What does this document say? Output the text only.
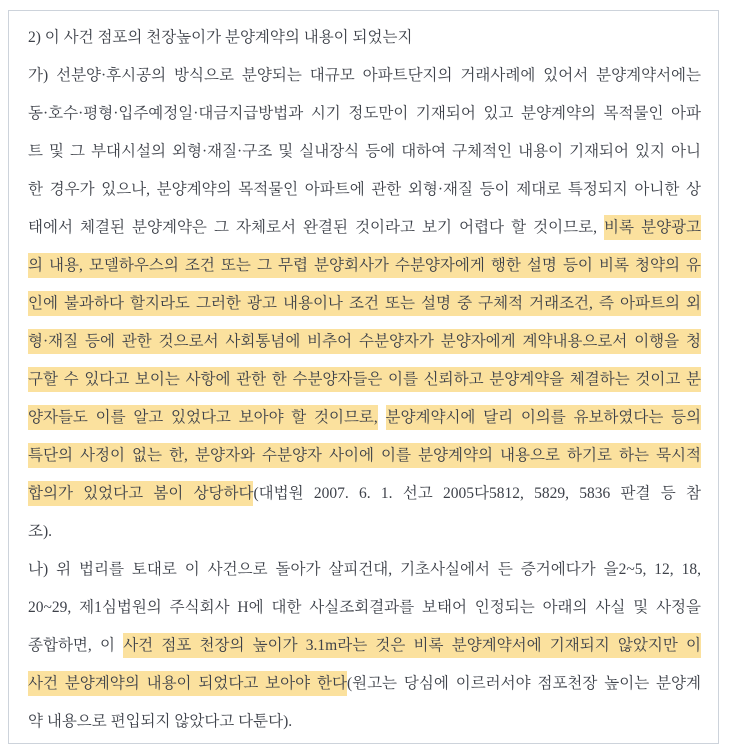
2) 이 사건 점포의 천장높이가 분양계약의 내용이 되었는지
가) 선분양·후시공의 방식으로 분양되는 대규모 아파트단지의 거래사례에 있어서 분양계약서에는
동·호수·평형·입주예정일·대금지급방법과 시기 정도만이 기재되어 있고 분양계약의 목적물인 아파
트 및 그 부대시설의 외형·재질·구조 및 실내장식 등에 대하여 구체적인 내용이 기재되어 있지 아니
한 경우가 있으나, 분양계약의 목적물인 아파트에 관한 외형·재질 등이 제대로 특정되지 아니한 상
태에서 체결된 분양계약은 그 자체로서 완결된 것이라고 보기 어렵다 할 것이므로, 비록 분양광고
의 내용, 모델하우스의 조건 또는 그 무렵 분양회사가 수분양자에게 행한 설명 등이 비록 청약의 유
인에 불과하다 할지라도 그러한 광고 내용이나 조건 또는 설명 중 구체적 거래조건, 즉 아파트의 외
형·재질 등에 관한 것으로서 사회통념에 비추어 수분양자가 분양자에게 계약내용으로서 이행을 청
구할 수 있다고 보이는 사항에 관한 한 수분양자들은 이를 신뢰하고 분양계약을 체결하는 것이고 분
양자들도 이를 알고 있었다고 보아야 할 것이므로, 분양계약시에 달리 이의를 유보하였다는 등의
특단의 사정이 없는 한, 분양자와 수분양자 사이에 이를 분양계약의 내용으로 하기로 하는 묵시적
합의가 있었다고 봄이 상당하다(대법원 2007. 6. 1. 선고 2005다5812, 5829, 5836 판결 등 참
조).
나) 위 법리를 토대로 이 사건으로 돌아가 살피건대, 기초사실에서 든 증거에다가 을2~5, 12, 18,
20~29, 제1심법원의 주식회사 H에 대한 사실조회결과를 보태어 인정되는 아래의 사실 및 사정을
종합하면, 이 사건 점포 천장의 높이가 3.1m라는 것은 비록 분양계약서에 기재되지 않았지만 이
사건 분양계약의 내용이 되었다고 보아야 한다(원고는 당심에 이르러서야 점포천장 높이는 분양계
약 내용으로 편입되지 않았다고 다툰다).
